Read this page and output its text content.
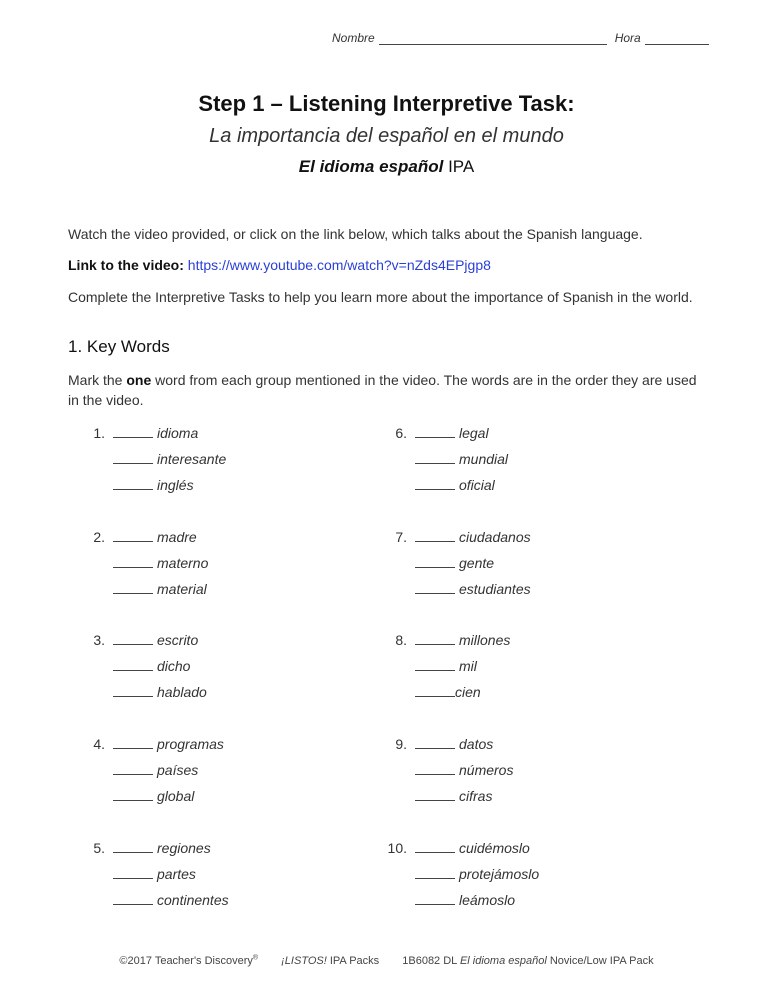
Nombre	Hora
Step 1 – Listening Interpretive Task:
La importancia del español en el mundo
El idioma español IPA
Watch the video provided, or click on the link below, which talks about the Spanish language.
Link to the video: https://www.youtube.com/watch?v=nZds4EPjgp8
Complete the Interpretive Tasks to help you learn more about the importance of Spanish in the world.
1. Key Words
Mark the one word from each group mentioned in the video. The words are in the order they are used in the video.
1.	idioma
interesante
inglés
2.	madre
materno
material
3.	escrito
dicho
hablado
4.	programas
países
global
5.	regiones
partes
continentes
6.	legal
mundial
oficial
7.	ciudadanos
gente
estudiantes
8.	millones
mil
cien
9.	datos
números
cifras
10.	cuidémoslo
protejámoslo
leámoslo
©2017 Teacher's Discovery® ¡LISTOS! IPA Packs 1B6082 DL El idioma español Novice/Low IPA Pack
